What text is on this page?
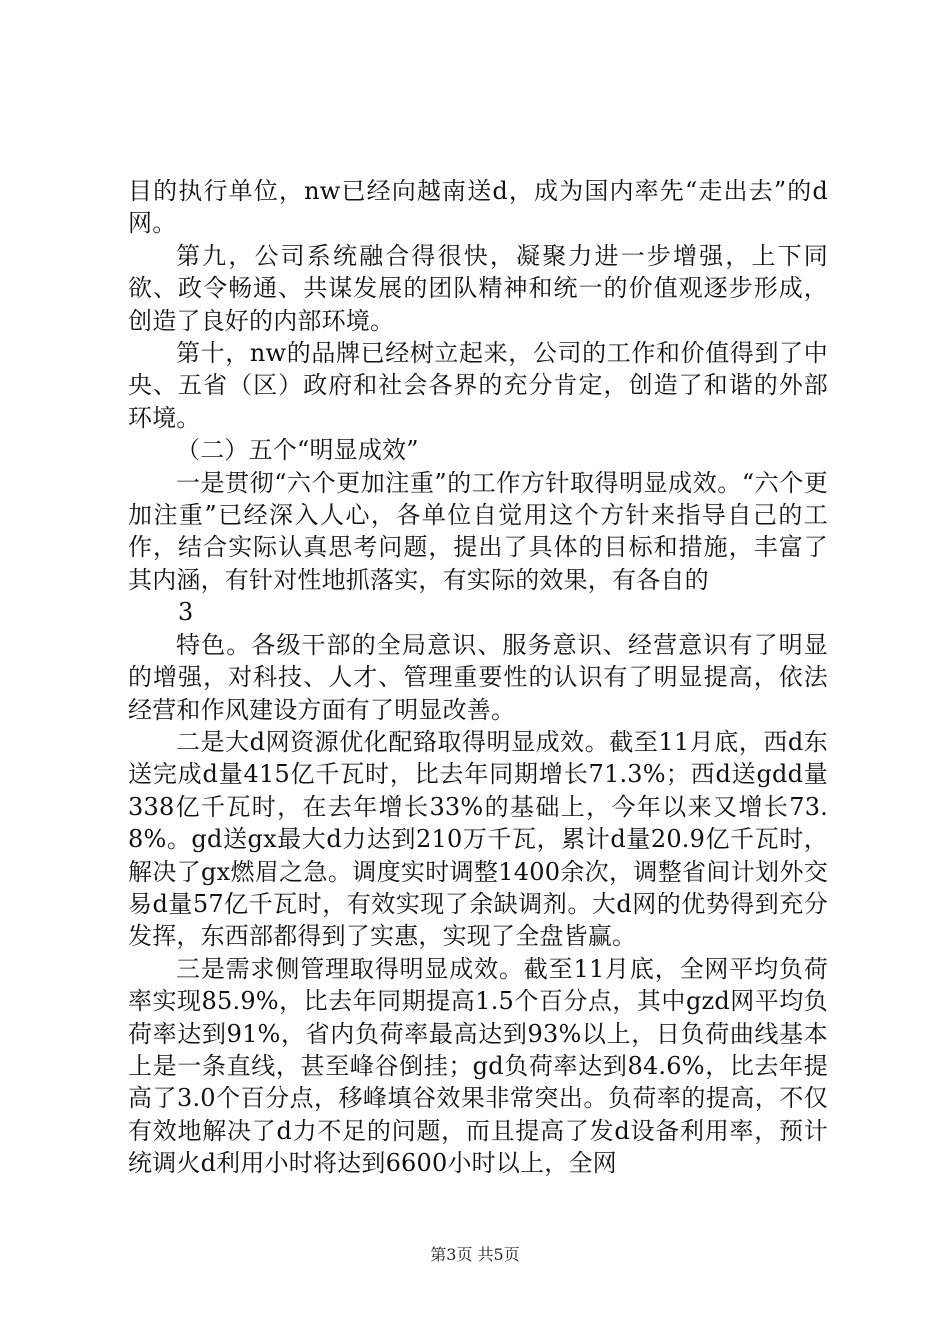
目的执行单位，nw已经向越南送d，成为国内率先“走出去”的d网。

第九，公司系统融合得很快，凝聚力进一步增强，上下同欲、政令畅通、共谋发展的团队精神和统一的价值观逐步形成，创造了良好的内部环境。

第十，nw的品牌已经树立起来，公司的工作和价值得到了中央、五省（区）政府和社会各界的充分肯定，创造了和谐的外部环境。

（二）五个“明显成效”

一是贯彻“六个更加注重”的工作方针取得明显成效。“六个更加注重”已经深入人心，各单位自觉用这个方针来指导自己的工作，结合实际认真思考问题，提出了具体的目标和措施，丰富了其内涵，有针对性地抓落实，有实际的效果，有各自的

3

特色。各级干部的全局意识、服务意识、经营意识有了明显的增强，对科技、人才、管理重要性的认识有了明显提高，依法经营和作风建设方面有了明显改善。

二是大d网资源优化配臵取得明显成效。截至11月底，西d东送完成d量415亿千瓦时，比去年同期增长71.3%；西d送gdd量338亿千瓦时，在去年增长33%的基础上，今年以来又增长73.8%。gd送gx最大d力达到210万千瓦，累计d量20.9亿千瓦时，解决了gx燃眉之急。调度实时调整1400余次，调整省间计划外交易d量57亿千瓦时，有效实现了余缺调剂。大d网的优势得到充分发挥，东西部都得到了实惠，实现了全盘皆赢。

三是需求侧管理取得明显成效。截至11月底，全网平均负荷率实现85.9%，比去年同期提高1.5个百分点，其中gzd网平均负荷率达到91%，省内负荷率最高达到93%以上，日负荷曲线基本上是一条直线，甚至峰谷倒挂；gd负荷率达到84.6%，比去年提高了3.0个百分点，移峰填谷效果非常突出。负荷率的提高，不仅有效地解决了d力不足的问题，而且提高了发d设备利用率，预计统调火d利用小时将达到6600小时以上，全网

第3页 共5页
